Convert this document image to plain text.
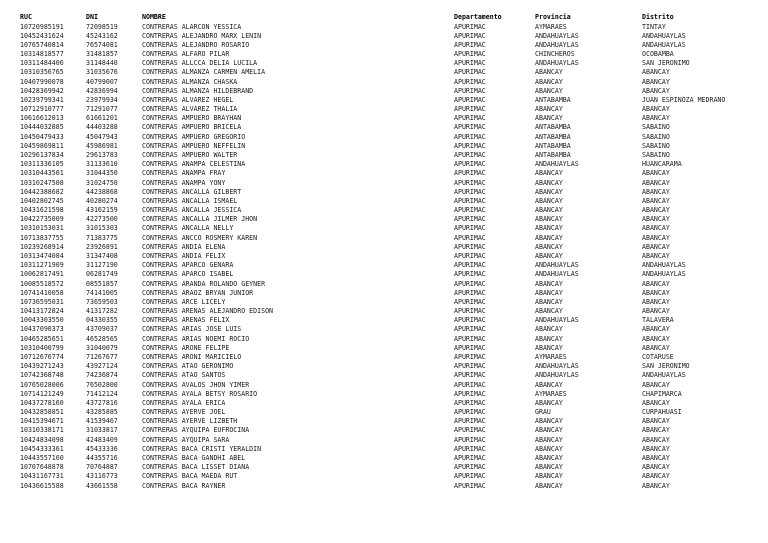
RUC	DNI	NOMBRE	Departamento	Provincia	Distrito
10720985191	72098519	CONTRERAS ALARCON YESSICA	APURIMAC	AYMARAES	TINTAY
10452431624	45243162	CONTRERAS ALEJANDRO MARX LENIN	APURIMAC	ANDAHUAYLAS	ANDAHUAYLAS
10765740814	76574081	CONTRERAS ALEJANDRO ROSARIO	APURIMAC	ANDAHUAYLAS	ANDAHUAYLAS
10314818577	31481857	CONTRERAS ALFARO PILAR	APURIMAC	CHINCHEROS	OCOBAMBA
10311484406	31148440	CONTRERAS ALLCCA DELIA LUCILA	APURIMAC	ANDAHUAYLAS	SAN JERONIMO
10310356765	31035676	CONTRERAS ALMANZA CARMEN AMELIA	APURIMAC	ABANCAY	ABANCAY
10407990078	40799007	CONTRERAS ALMANZA CHASKA	APURIMAC	ABANCAY	ABANCAY
10428369942	42836994	CONTRERAS ALMANZA HILDEBRAND	APURIMAC	ABANCAY	ABANCAY
10239799341	23979934	CONTRERAS ALVAREZ HEGEL	APURIMAC	ANTABAMBA	JUAN ESPINOZA MEDRANO
10712910777	71291077	CONTRERAS ALVAREZ THALIA	APURIMAC	ABANCAY	ABANCAY
10616612013	61661201	CONTRERAS AMPUERO BRAYHAN	APURIMAC	ABANCAY	ABANCAY
10444032885	44403288	CONTRERAS AMPUERO BRICELA	APURIMAC	ANTABAMBA	SABAINO
10450479433	45047943	CONTRERAS AMPUERO GREGORIO	APURIMAC	ANTABAMBA	SABAINO
10459869811	45986981	CONTRERAS AMPUERO NEFFELIN	APURIMAC	ANTABAMBA	SABAINO
10296137834	29613783	CONTRERAS AMPUERO WALTER	APURIMAC	ANTABAMBA	SABAINO
10311336105	31133610	CONTRERAS ANAMPA CELESTINA	APURIMAC	ANDAHUAYLAS	HUANCARAMA
10310443501	31044350	CONTRERAS ANAMPA FRAY	APURIMAC	ABANCAY	ABANCAY
10310247508	31024750	CONTRERAS ANAMPA YONY	APURIMAC	ABANCAY	ABANCAY
10442388682	44238868	CONTRERAS ANCALLA GILBERT	APURIMAC	ABANCAY	ABANCAY
10402802745	40280274	CONTRERAS ANCALLA ISMAEL	APURIMAC	ABANCAY	ABANCAY
10431621598	43162159	CONTRERAS ANCALLA JESSICA	APURIMAC	ABANCAY	ABANCAY
10422735009	42273500	CONTRERAS ANCALLA JILMER JHON	APURIMAC	ABANCAY	ABANCAY
10310153031	31015303	CONTRERAS ANCALLA NELLY	APURIMAC	ABANCAY	ABANCAY
10713837755	71383775	CONTRERAS ANCCO ROSMERY KAREN	APURIMAC	ABANCAY	ABANCAY
10239268914	23926891	CONTRERAS ANDIA ELENA	APURIMAC	ABANCAY	ABANCAY
10313474084	31347408	CONTRERAS ANDIA FELIX	APURIMAC	ABANCAY	ABANCAY
10311271909	31127190	CONTRERAS APARCO GENARA	APURIMAC	ANDAHUAYLAS	ANDAHUAYLAS
10062817491	06281749	CONTRERAS APARCO ISABEL	APURIMAC	ANDAHUAYLAS	ANDAHUAYLAS
10085518572	08551857	CONTRERAS ARANDA ROLANDO GEYNER	APURIMAC	ABANCAY	ABANCAY
10741410058	74141005	CONTRERAS ARAOZ BRYAN JUNIOR	APURIMAC	ABANCAY	ABANCAY
10736595031	73659503	CONTRERAS ARCE LICELY	APURIMAC	ABANCAY	ABANCAY
10413172824	41317282	CONTRERAS ARENAS ALEJANDRO EDISON	APURIMAC	ABANCAY	ABANCAY
10043303550	04330355	CONTRERAS ARENAS FELIX	APURIMAC	ANDAHUAYLAS	TALAVERA
10437090373	43709037	CONTRERAS ARIAS JOSE LUIS	APURIMAC	ABANCAY	ABANCAY
10465285651	46528565	CONTRERAS ARIAS NOEMI ROCIO	APURIMAC	ABANCAY	ABANCAY
10310400799	31040079	CONTRERAS ARONE FELIPE	APURIMAC	ABANCAY	ABANCAY
10712676774	71267677	CONTRERAS ARONI MARICIELO	APURIMAC	AYMARAES	COTARUSE
10439271243	43927124	CONTRERAS ATAO GERONIMO	APURIMAC	ANDAHUAYLAS	SAN JERONIMO
10742368748	74236874	CONTRERAS ATAO SANTOS	APURIMAC	ANDAHUAYLAS	ANDAHUAYLAS
10765028006	76502800	CONTRERAS AVALOS JHON YIMER	APURIMAC	ABANCAY	ABANCAY
10714121249	71412124	CONTRERAS AYALA BETSY ROSARIO	APURIMAC	AYMARAES	CHAPIMARCA
10437278160	43727816	CONTRERAS AYALA ERICA	APURIMAC	ABANCAY	ABANCAY
10432858851	43285885	CONTRERAS AYERVE JOEL	APURIMAC	GRAU	CURPAHUASI
10415394671	41539467	CONTRERAS AYERVE LIZBETH	APURIMAC	ABANCAY	ABANCAY
10310338171	31033817	CONTRERAS AYQUIPA EUFROCINA	APURIMAC	ABANCAY	ABANCAY
10424834098	42483409	CONTRERAS AYQUIPA SARA	APURIMAC	ABANCAY	ABANCAY
10454333361	45433336	CONTRERAS BACA CRISTI YERALDIN	APURIMAC	ABANCAY	ABANCAY
10443557160	44355716	CONTRERAS BACA GANDHI ABEL	APURIMAC	ABANCAY	ABANCAY
10707648878	70764887	CONTRERAS BACA LISSET DIANA	APURIMAC	ABANCAY	ABANCAY
10431167731	43116773	CONTRERAS BACA MAEDA RUT	APURIMAC	ABANCAY	ABANCAY
10436615588	43661558	CONTRERAS BACA RAYNER	APURIMAC	ABANCAY	ABANCAY
